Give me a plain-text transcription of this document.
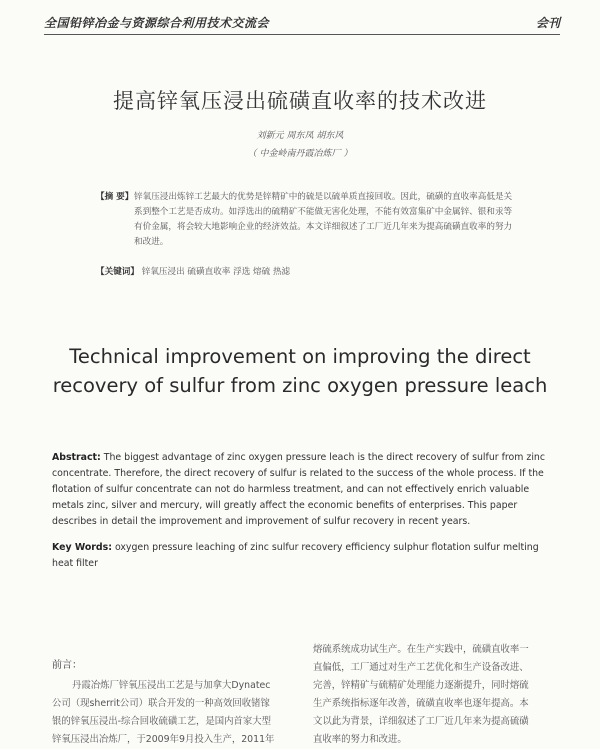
全国铅锌冶金与资源综合利用技术交流会	会刊
提高锌氧压浸出硫磺直收率的技术改进
刘新元 周东凤 胡东风
（ 中金岭南丹霞冶炼厂 ）
【摘 要】 锌氧压浸出炼锌工艺最大的优势是锌精矿中的硫是以硫单质直接回收。因此，硫磺的直收率高低是关系到整个工艺是否成功。如浮选出的硫精矿不能做无害化处理，不能有效富集矿中金属锌、银和汞等有价金属，将会较大地影响企业的经济效益。本文详细叙述了工厂近几年来为提高硫磺直收率的努力和改进。
【关键词】 锌氧压浸出 硫磺直收率 浮选 熔硫 热滤
Technical improvement on improving the direct
recovery of sulfur from zinc oxygen pressure leach
Abstract: The biggest advantage of zinc oxygen pressure leach is the direct recovery of sulfur from zinc concentrate. Therefore, the direct recovery of sulfur is related to the success of the whole process. If the flotation of sulfur concentrate can not do harmless treatment, and can not effectively enrich valuable metals zinc, silver and mercury, will greatly affect the economic benefits of enterprises. This paper describes in detail the improvement and improvement of sulfur recovery in recent years.
Key Words: oxygen pressure leaching of zinc sulfur recovery efficiency sulphur flotation sulfur melting heat filter
前言：
丹霞冶炼厂锌氧压浸出工艺是与加拿大Dynatec
公司（现sherrit公司）联合开发的一种高效回收锗镓
银的锌氧压浸出-综合回收硫磺工艺，是国内首家大型
锌氧压浸出冶炼厂，于2009年9月投入生产，2011年
熔硫系统成功试生产。在生产实践中，硫磺直收率一
直偏低，工厂通过对生产工艺优化和生产设备改进、
完善，锌精矿与硫精矿处理能力逐渐提升，同时熔硫
生产系统指标逐年改善，硫磺直收率也逐年提高。本
文以此为背景，详细叙述了工厂近几年来为提高硫磺
直收率的努力和改进。
